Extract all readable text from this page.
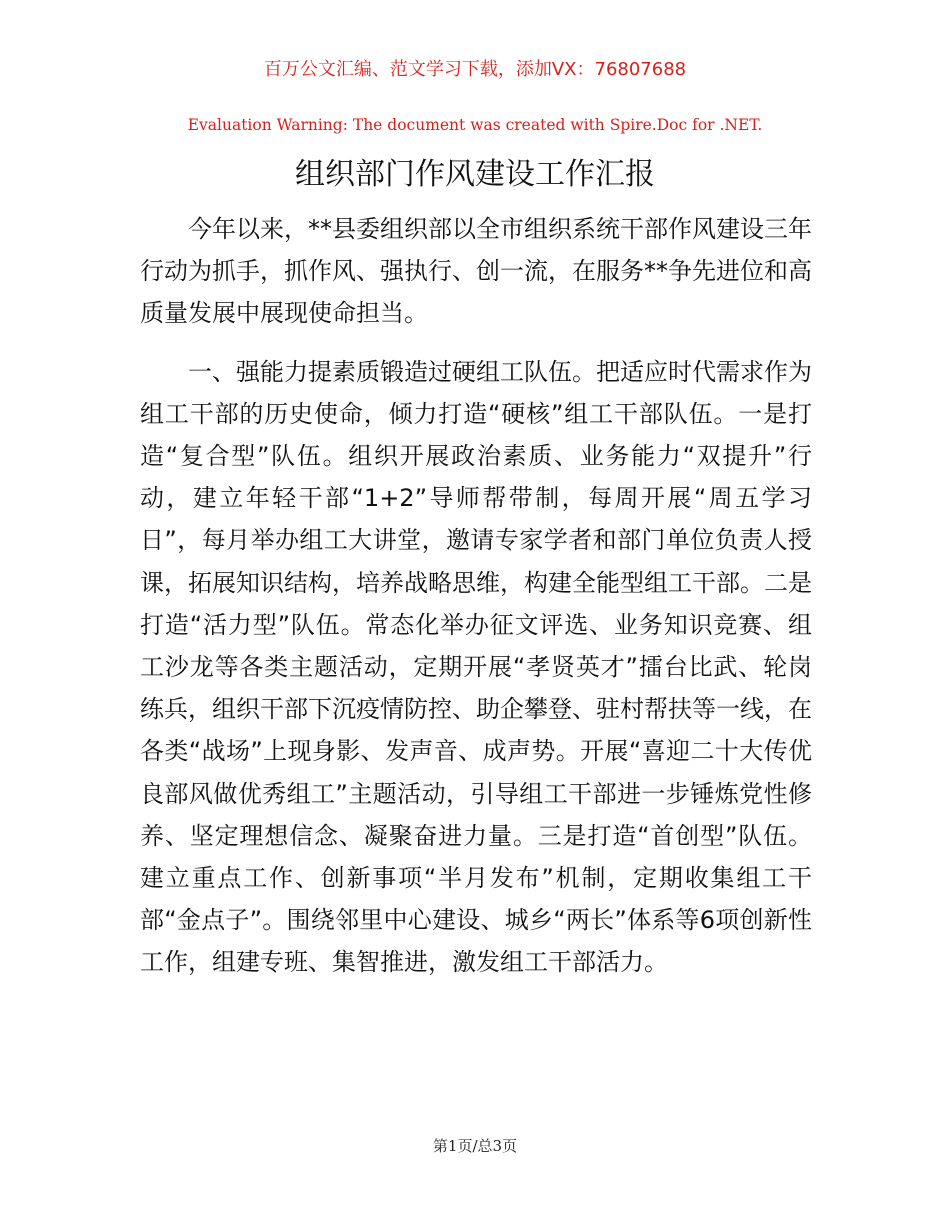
百万公文汇编、范文学习下载，添加VX：76807688
Evaluation Warning: The document was created with Spire.Doc for .NET.
组织部门作风建设工作汇报

今年以来，**县委组织部以全市组织系统干部作风建设三年行动为抓手，抓作风、强执行、创一流，在服务**争先进位和高质量发展中展现使命担当。

一、强能力提素质锻造过硬组工队伍。把适应时代需求作为组工干部的历史使命，倾力打造“硬核”组工干部队伍。一是打造“复合型”队伍。组织开展政治素质、业务能力“双提升”行动，建立年轻干部“1+2”导师帮带制，每周开展“周五学习日”，每月举办组工大讲堂，邀请专家学者和部门单位负责人授课，拓展知识结构，培养战略思维，构建全能型组工干部。二是打造“活力型”队伍。常态化举办征文评选、业务知识竞赛、组工沙龙等各类主题活动，定期开展“孝贤英才”擂台比武、轮岗练兵，组织干部下沉疫情防控、助企攀登、驻村帮扶等一线，在各类“战场”上现身影、发声音、成声势。开展“喜迎二十大传优良部风做优秀组工”主题活动，引导组工干部进一步锤炼党性修养、坚定理想信念、凝聚奋进力量。三是打造“首创型”队伍。建立重点工作、创新事项“半月发布”机制，定期收集组工干部“金点子”。围绕邻里中心建设、城乡“两长”体系等6项创新性工作，组建专班、集智推进，激发组工干部活力。

第1页/总3页
